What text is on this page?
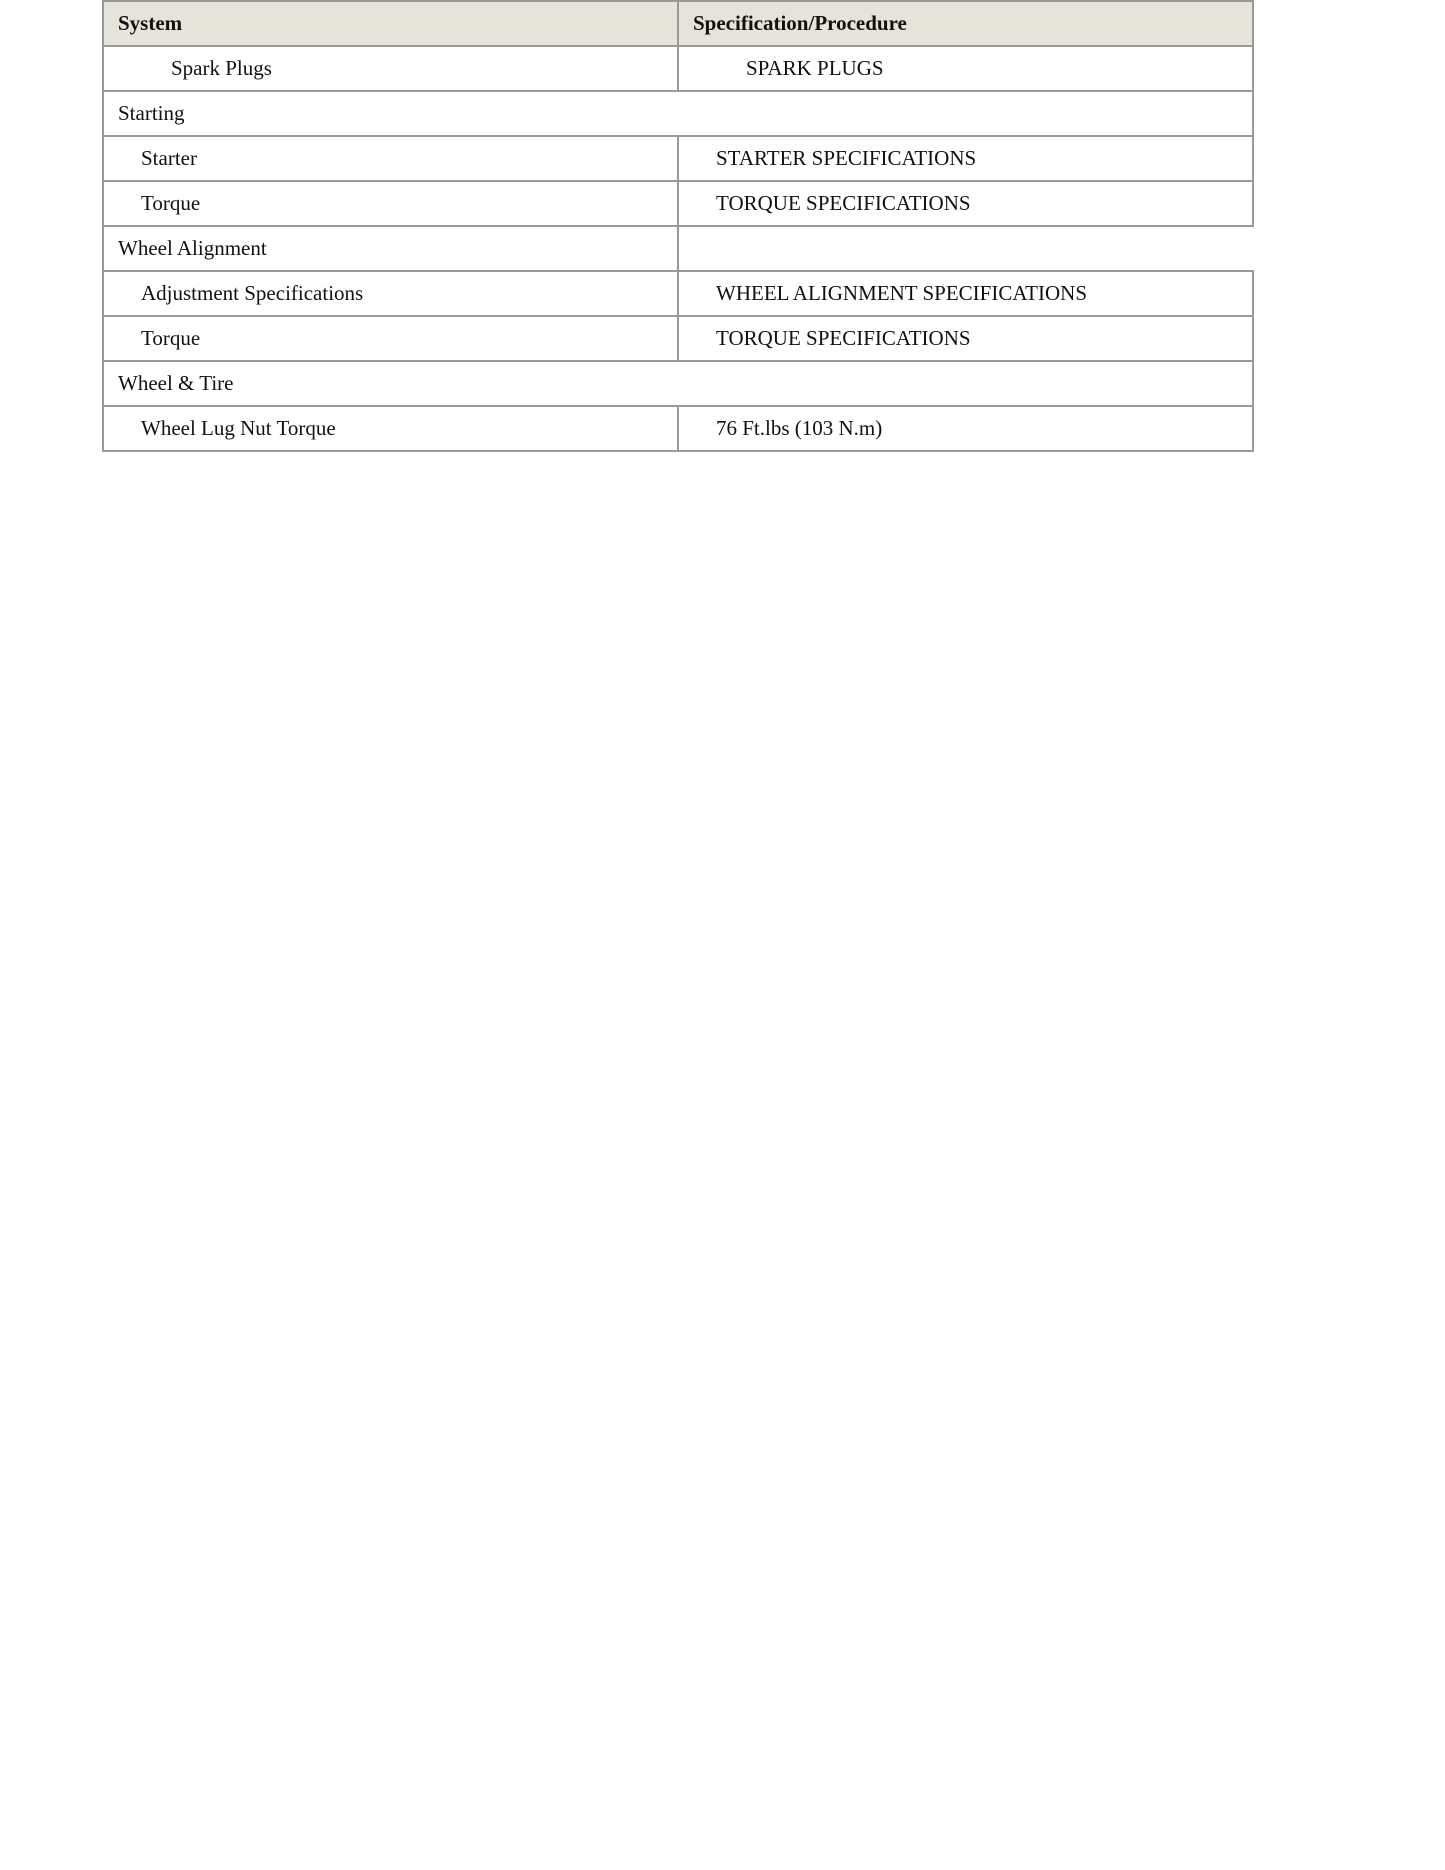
System	Specification/Procedure
Spark Plugs	SPARK PLUGS
Starting	
Starter	STARTER SPECIFICATIONS
Torque	TORQUE SPECIFICATIONS
Wheel Alignment	
Adjustment Specifications	WHEEL ALIGNMENT SPECIFICATIONS
Torque	TORQUE SPECIFICATIONS
Wheel & Tire	
Wheel Lug Nut Torque	76 Ft.lbs (103 N.m)
